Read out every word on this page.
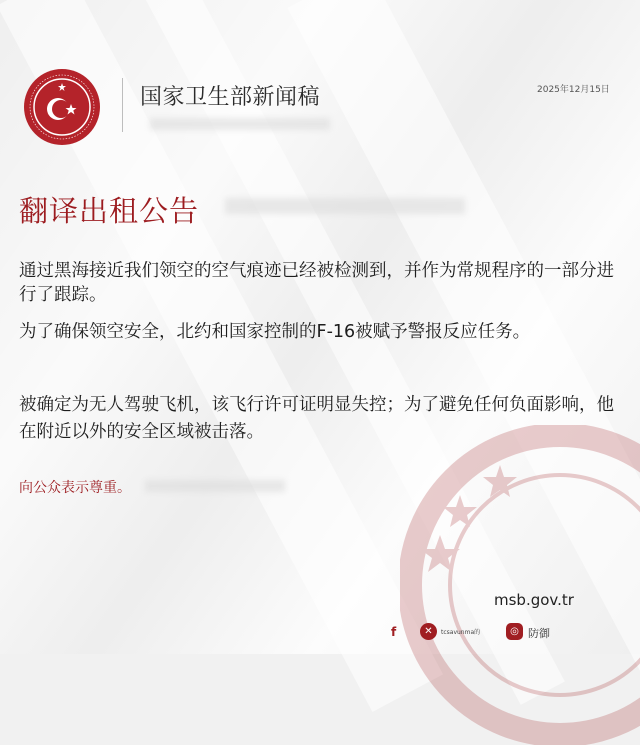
国家卫生部新闻稿	2025年12月15日
翻译出租公告
通过黑海接近我们领空的空气痕迹已经被检测到，并作为常规程序的一部分进行了跟踪。
为了确保领空安全，北约和国家控制的F-16被赋予警报反应任务。
被确定为无人驾驶飞机，该飞行许可证明显失控；为了避免任何负面影响，他在附近以外的安全区域被击落。
向公众表示尊重。
msb.gov.tr
f	✕	tcsavunma的	◎ 防御
